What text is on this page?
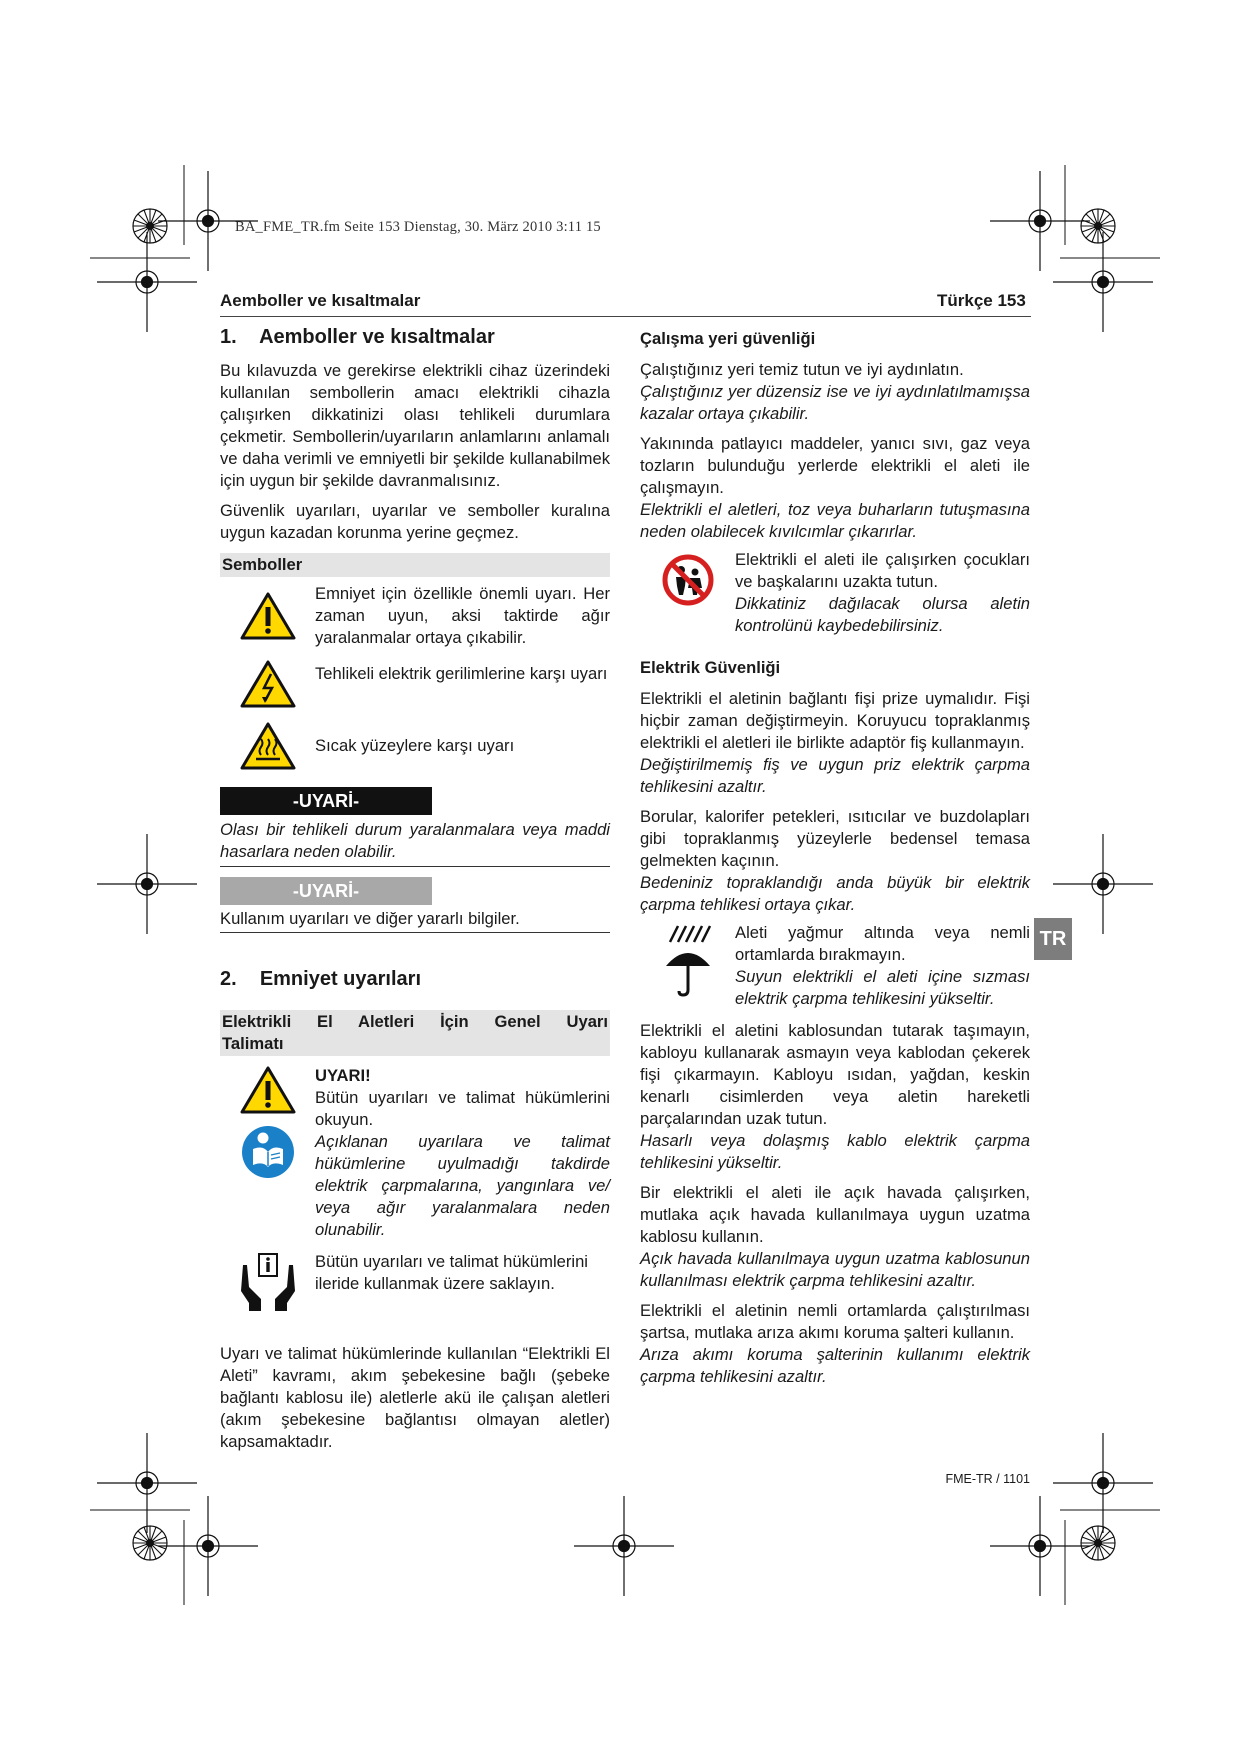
BA_FME_TR.fm Seite 153 Dienstag, 30. März 2010 3:11 15
Aemboller ve kısaltmalar	Türkçe 153
TR
1. Aemboller ve kısaltmalar

Bu kılavuzda ve gerekirse elektrikli cihaz üzerindeki kullanılan sembollerin amacı elektrikli cihazla çalışırken dikkatinizi olası tehlikeli durumlara çekmetir. Sembollerin/uyarıların anlamlarını anlamalı ve daha verimli ve emniyetli bir şekilde kullanabilmek için uygun bir şekilde davranmalısınız.

Güvenlik uyarıları, uyarılar ve semboller kuralına uygun kazadan korunma yerine geçmez.

Semboller
Emniyet için özellikle önemli uyarı. Her zaman uyun, aksi taktirde ağır yaralanmalar ortaya çıkabilir.
Tehlikeli elektrik gerilimlerine karşı uyarı
Sıcak yüzeylere karşı uyarı
-UYARİ-

Olası bir tehlikeli durum yaralanmalara veya maddi hasarlara neden olabilir.

-UYARİ-

Kullanım uyarıları ve diğer yararlı bilgiler.

2. Emniyet uyarıları
Elektrikli El Aletleri İçin Genel Uyarı Talimatı
UYARI!

Bütün uyarıları ve talimat hükümlerini okuyun.

Açıklanan uyarılara ve talimat hükümlerine uyulmadığı takdirde elektrik çarpmalarına, yangınlara ve/ veya ağır yaralanmalara neden olunabilir.

Bütün uyarıları ve talimat hükümlerini ileride kullanmak üzere saklayın.

Uyarı ve talimat hükümlerinde kullanılan “Elektrikli El Aleti” kavramı, akım şebekesine bağlı (şebeke bağlantı kablosu ile) aletlerle akü ile çalışan aletleri (akım şebekesine bağlantısı olmayan aletler) kapsamaktadır.

Çalışma yeri güvenliği

Çalıştığınız yeri temiz tutun ve iyi aydınlatın.

Çalıştığınız yer düzensiz ise ve iyi aydınlatılmamışsa kazalar ortaya çıkabilir.

Yakınında patlayıcı maddeler, yanıcı sıvı, gaz veya tozların bulunduğu yerlerde elektrikli el aleti ile çalışmayın.

Elektrikli el aletleri, toz veya buharların tutuşmasına neden olabilecek kıvılcımlar çıkarırlar.

Elektrikli el aleti ile çalışırken çocukları ve başkalarını uzakta tutun.

Dikkatiniz dağılacak olursa aletin kontrolünü kaybedebilirsiniz.

Elektrik Güvenliği

Elektrikli el aletinin bağlantı fişi prize uymalıdır. Fişi hiçbir zaman değiştirmeyin. Koruyucu topraklanmış elektrikli el aletleri ile birlikte adaptör fiş kullanmayın.

Değiştirilmemiş fiş ve uygun priz elektrik çarpma tehlikesini azaltır.

Borular, kalorifer petekleri, ısıtıcılar ve buzdolapları gibi topraklanmış yüzeylerle bedensel temasa gelmekten kaçının.

Bedeniniz topraklandığı anda büyük bir elektrik çarpma tehlikesi ortaya çıkar.

Aleti yağmur altında veya nemli ortamlarda bırakmayın.

Suyun elektrikli el aleti içine sızması elektrik çarpma tehlikesini yükseltir.

Elektrikli el aletini kablosundan tutarak taşımayın, kabloyu kullanarak asmayın veya kablodan çekerek fişi çıkarmayın. Kabloyu ısıdan, yağdan, keskin kenarlı cisimlerden veya aletin hareketli parçalarından uzak tutun.

Hasarlı veya dolaşmış kablo elektrik çarpma tehlikesini yükseltir.

Bir elektrikli el aleti ile açık havada çalışırken, mutlaka açık havada kullanılmaya uygun uzatma kablosu kullanın.

Açık havada kullanılmaya uygun uzatma kablosunun kullanılması elektrik çarpma tehlikesini azaltır.

Elektrikli el aletinin nemli ortamlarda çalıştırılması şartsa, mutlaka arıza akımı koruma şalteri kullanın.

Arıza akımı koruma şalterinin kullanımı elektrik çarpma tehlikesini azaltır.

FME-TR / 1101
